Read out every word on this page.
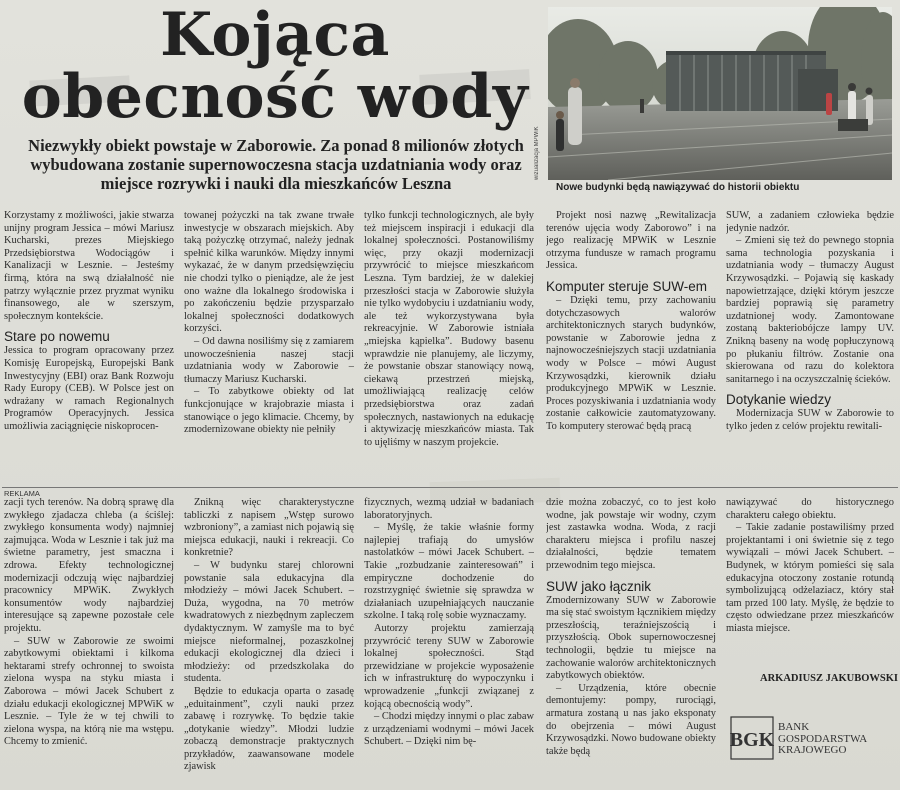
Kojąca obecność wody

Niezwykły obiekt powstaje w Zaborowie. Za ponad 8 milionów złotych wybudowana zostanie supernowoczesna stacja uzdatniania wody oraz miejsce rozrywki i nauki dla mieszkańców Leszna

wizualizacja MPWiK

Nowe budynki będą nawiązywać do historii obiektu

Korzystamy z możliwości, jakie stwarza unijny program Jessica – mówi Mariusz Kucharski, prezes Miejskiego Przedsiębiorstwa Wodociągów i Kanalizacji w Lesznie. – Jesteśmy firmą, która na swą działalność nie patrzy wyłącznie przez pryzmat wyniku finansowego, ale w szerszym, społecznym kontekście.

Stare po nowemu

Jessica to program opracowany przez Komisję Europejską, Europejski Bank Inwestycyjny (EBI) oraz Bank Rozwoju Rady Europy (CEB). W Polsce jest on wdrażany w ramach Regionalnych Programów Operacyjnych. Jessica umożliwia zaciągnięcie niskoprocen-

towanej pożyczki na tak zwane trwałe inwestycje w obszarach miejskich. Aby taką pożyczkę otrzymać, należy jednak spełnić kilka warunków. Między innymi wykazać, że w danym przedsięwzięciu nie chodzi tylko o pieniądze, ale że jest ono ważne dla lokalnego środowiska i po zakończeniu będzie przysparzało lokalnej społeczności dodatkowych korzyści.

– Od dawna nosiliśmy się z zamiarem unowocześnienia naszej stacji uzdatniania wody w Zaborowie – tłumaczy Mariusz Kucharski.

– To zabytkowe obiekty od lat funkcjonujące w krajobrazie miasta i stanowiące o jego klimacie. Chcemy, by zmodernizowane obiekty nie pełniły

tylko funkcji technologicznych, ale były też miejscem inspiracji i edukacji dla lokalnej społeczności. Postanowiliśmy więc, przy okazji modernizacji przywrócić to miejsce mieszkańcom Leszna. Tym bardziej, że w dalekiej przeszłości stacja w Zaborowie służyła nie tylko wydobyciu i uzdatnianiu wody, ale też wykorzystywana była rekreacyjnie. W Zaborowie istniała „miejska kąpielka”. Budowy basenu wprawdzie nie planujemy, ale liczymy, że powstanie obszar stanowiący nową, ciekawą przestrzeń miejską, umożliwiającą realizację celów przedsiębiorstwa oraz zadań społecznych, nastawionych na edukację i aktywizację mieszkańców miasta. Tak to ujęliśmy w naszym projekcie.

Projekt nosi nazwę „Rewitalizacja terenów ujęcia wody Zaborowo” i na jego realizację MPWiK w Lesznie otrzyma fundusze w ramach programu Jessica.

Komputer steruje SUW-em

– Dzięki temu, przy zachowaniu dotychczasowych walorów architektonicznych starych budynków, powstanie w Zaborowie jedna z najnowocześniejszych stacji uzdatniania wody w Polsce – mówi August Krzywosądzki, kierownik działu produkcyjnego MPWiK w Lesznie. Proces pozyskiwania i uzdatniania wody zostanie całkowicie zautomatyzowany. To komputery sterować będą pracą

SUW, a zadaniem człowieka będzie jedynie nadzór.

– Zmieni się też do pewnego stopnia sama technologia pozyskania i uzdatniania wody – tłumaczy August Krzywosądzki. – Pojawią się kaskady napowietrzające, dzięki którym jeszcze bardziej poprawią się parametry uzdatnionej wody. Zamontowane zostaną bakteriobójcze lampy UV. Znikną baseny na wodę popłuczynową po płukaniu filtrów. Zostanie ona skierowana od razu do kolektora sanitarnego i na oczyszczalnię ścieków.

Dotykanie wiedzy

Modernizacja SUW w Zaborowie to tylko jeden z celów projektu rewitali-

REKLAMA

zacji tych terenów. Na dobrą sprawę dla zwykłego zjadacza chleba (a ściślej: zwykłego konsumenta wody) najmniej zajmująca. Woda w Lesznie i tak już ma świetne parametry, jest smaczna i zdrowa. Efekty technologicznej modernizacji odczują więc najbardziej pracownicy MPWiK. Zwykłych konsumentów wody najbardziej interesujące są zapewne pozostałe cele projektu.

– SUW w Zaborowie ze swoimi zabytkowymi obiektami i kilkoma hektarami strefy ochronnej to swoista zielona wyspa na styku miasta i Zaborowa – mówi Jacek Schubert z działu edukacji ekologicznej MPWiK w Lesznie. – Tyle że w tej chwili to zielona wyspa, na którą nie ma wstępu. Chcemy to zmienić.

Znikną więc charakterystyczne tabliczki z napisem „Wstęp surowo wzbroniony”, a zamiast nich pojawią się miejsca edukacji, nauki i rekreacji. Co konkretnie?

– W budynku starej chlorowni powstanie sala edukacyjna dla młodzieży – mówi Jacek Schubert. – Duża, wygodna, na 70 metrów kwadratowych z niezbędnym zapleczem dydaktycznym. W zamyśle ma to być miejsce nieformalnej, pozaszkolnej edukacji ekologicznej dla dzieci i młodzieży: od przedszkolaka do studenta.

Będzie to edukacja oparta o zasadę „eduitainment”, czyli nauki przez zabawę i rozrywkę. To będzie takie „dotykanie wiedzy”. Młodzi ludzie zobaczą demonstracje praktycznych przykładów, zaawansowane modele zjawisk

fizycznych, wezmą udział w badaniach laboratoryjnych.

– Myślę, że takie właśnie formy najlepiej trafiają do umysłów nastolatków – mówi Jacek Schubert. – Takie „rozbudzanie zainteresowań” i empiryczne dochodzenie do rozstrzygnięć świetnie się sprawdza w działaniach uzupełniających nauczanie szkolne. I taką rolę sobie wyznaczamy.

Autorzy projektu zamierzają przywrócić tereny SUW w Zaborowie lokalnej społeczności. Stąd przewidziane w projekcie wyposażenie ich w infrastrukturę do wypoczynku i wprowadzenie „funkcji związanej z kojącą obecnością wody”.

– Chodzi między innymi o plac zabaw z urządzeniami wodnymi – mówi Jacek Schubert. – Dzięki nim bę-

dzie można zobaczyć, co to jest koło wodne, jak powstaje wir wodny, czym jest zastawka wodna. Woda, z racji charakteru miejsca i profilu naszej działalności, będzie tematem przewodnim tego miejsca.

SUW jako łącznik

Zmodernizowany SUW w Zaborowie ma się stać swoistym łącznikiem między przeszłością, teraźniejszością i przyszłością. Obok supernowoczesnej technologii, będzie tu miejsce na zachowanie walorów architektonicznych zabytkowych obiektów.

– Urządzenia, które obecnie demontujemy: pompy, rurociągi, armatura zostaną u nas jako eksponaty do obejrzenia – mówi August Krzywosądzki. Nowo budowane obiekty także będą

nawiązywać do historycznego charakteru całego obiektu.

– Takie zadanie postawiliśmy przed projektantami i oni świetnie się z tego wywiązali – mówi Jacek Schubert. – Budynek, w którym pomieści się sala edukacyjna otoczony zostanie rotundą symbolizującą odżelaziacz, który stał tam przed 100 laty. Myślę, że będzie to często odwiedzane przez mieszkańców miasta miejsce.

ARKADIUSZ JAKUBOWSKI
BGK
BANK
GOSPODARSTWA
KRAJOWEGO
